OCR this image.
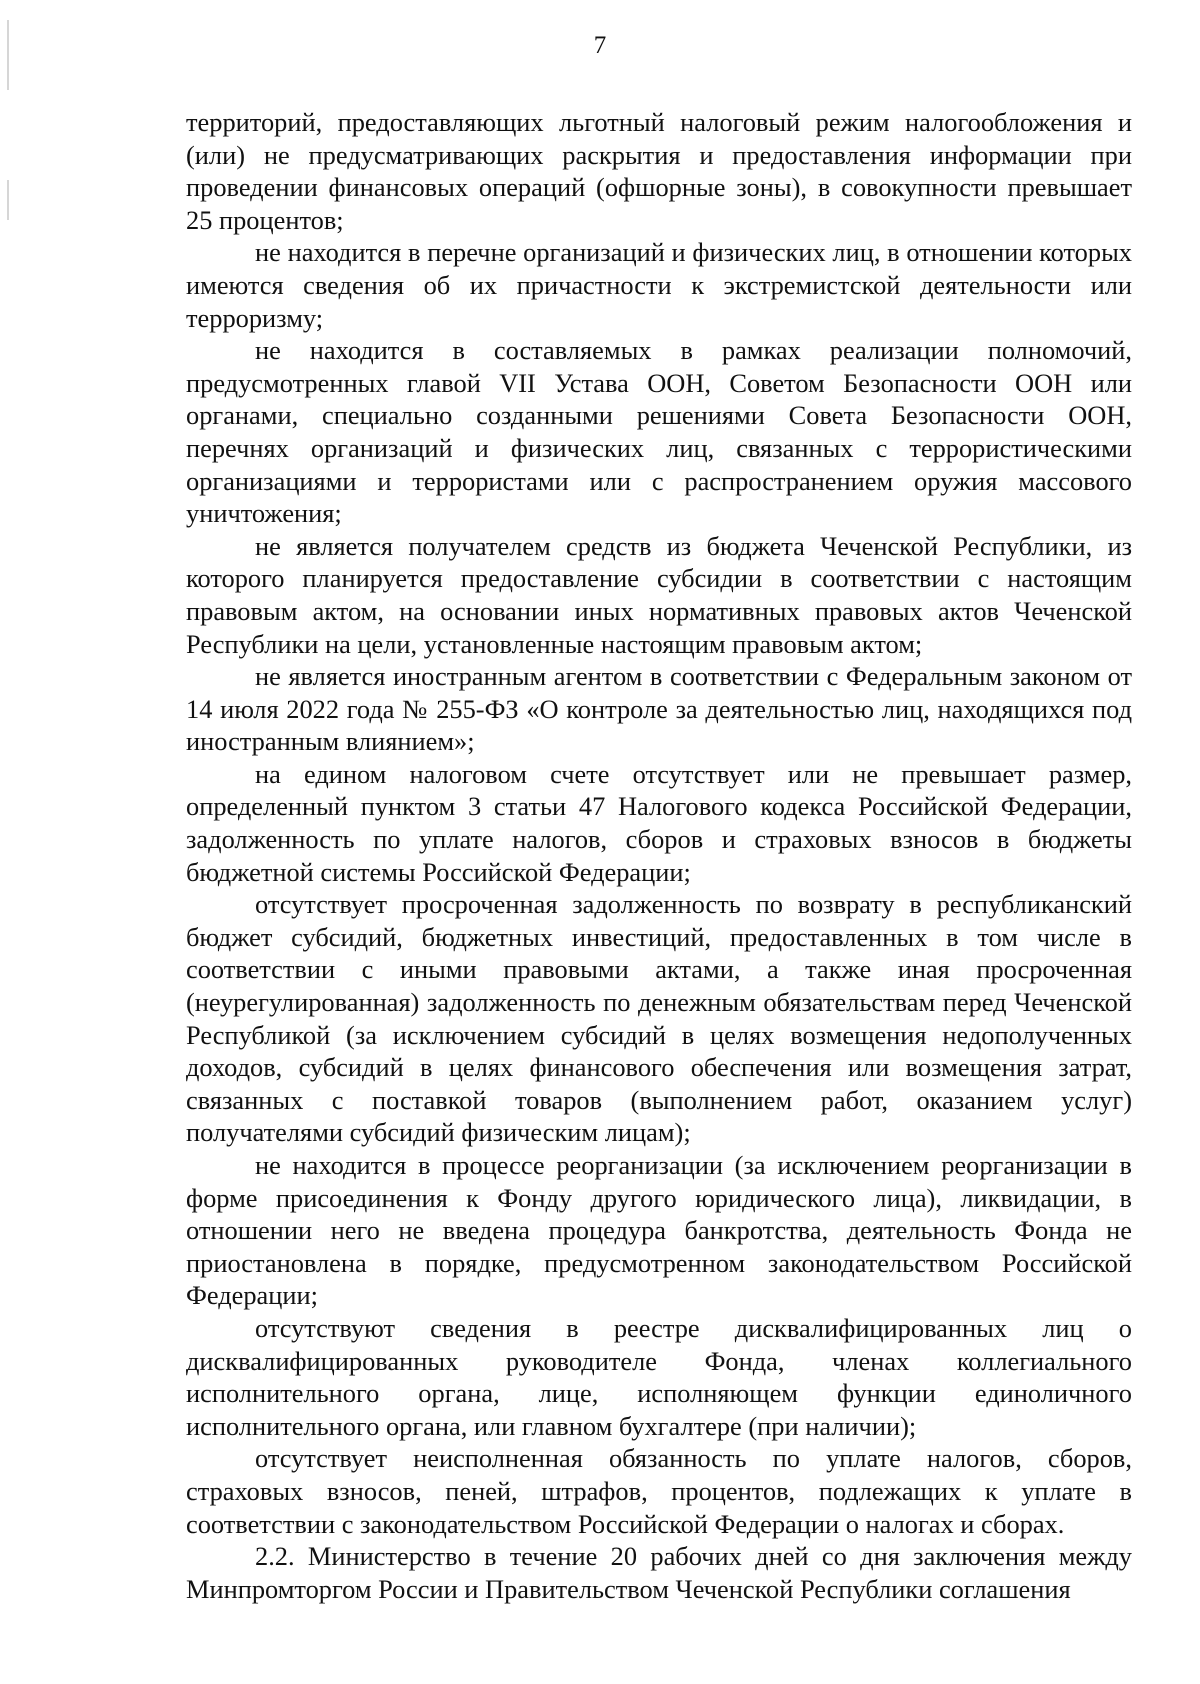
7

территорий, предоставляющих льготный налоговый режим налогообложения и (или) не предусматривающих раскрытия и предоставления информации при проведении финансовых операций (офшорные зоны), в совокупности превышает 25 процентов;

не находится в перечне организаций и физических лиц, в отношении которых имеются сведения об их причастности к экстремистской деятельности или терроризму;

не находится в составляемых в рамках реализации полномочий, предусмотренных главой VII Устава ООН, Советом Безопасности ООН или органами, специально созданными решениями Совета Безопасности ООН, перечнях организаций и физических лиц, связанных с террористическими организациями и террористами или с распространением оружия массового уничтожения;

не является получателем средств из бюджета Чеченской Республики, из которого планируется предоставление субсидии в соответствии с настоящим правовым актом, на основании иных нормативных правовых актов Чеченской Республики на цели, установленные настоящим правовым актом;

не является иностранным агентом в соответствии с Федеральным законом от 14 июля 2022 года № 255-ФЗ «О контроле за деятельностью лиц, находящихся под иностранным влиянием»;

на едином налоговом счете отсутствует или не превышает размер, определенный пунктом 3 статьи 47 Налогового кодекса Российской Федерации, задолженность по уплате налогов, сборов и страховых взносов в бюджеты бюджетной системы Российской Федерации;

отсутствует просроченная задолженность по возврату в республиканский бюджет субсидий, бюджетных инвестиций, предоставленных в том числе в соответствии с иными правовыми актами, а также иная просроченная (неурегулированная) задолженность по денежным обязательствам перед Чеченской Республикой (за исключением субсидий в целях возмещения недополученных доходов, субсидий в целях финансового обеспечения или возмещения затрат, связанных с поставкой товаров (выполнением работ, оказанием услуг) получателями субсидий физическим лицам);

не находится в процессе реорганизации (за исключением реорганизации в форме присоединения к Фонду другого юридического лица), ликвидации, в отношении него не введена процедура банкротства, деятельность Фонда не приостановлена в порядке, предусмотренном законодательством Российской Федерации;

отсутствуют сведения в реестре дисквалифицированных лиц о дисквалифицированных руководителе Фонда, членах коллегиального исполнительного органа, лице, исполняющем функции единоличного исполнительного органа, или главном бухгалтере (при наличии);

отсутствует неисполненная обязанность по уплате налогов, сборов, страховых взносов, пеней, штрафов, процентов, подлежащих к уплате в соответствии с законодательством Российской Федерации о налогах и сборах.

2.2. Министерство в течение 20 рабочих дней со дня заключения между Минпромторгом России и Правительством Чеченской Республики соглашения
